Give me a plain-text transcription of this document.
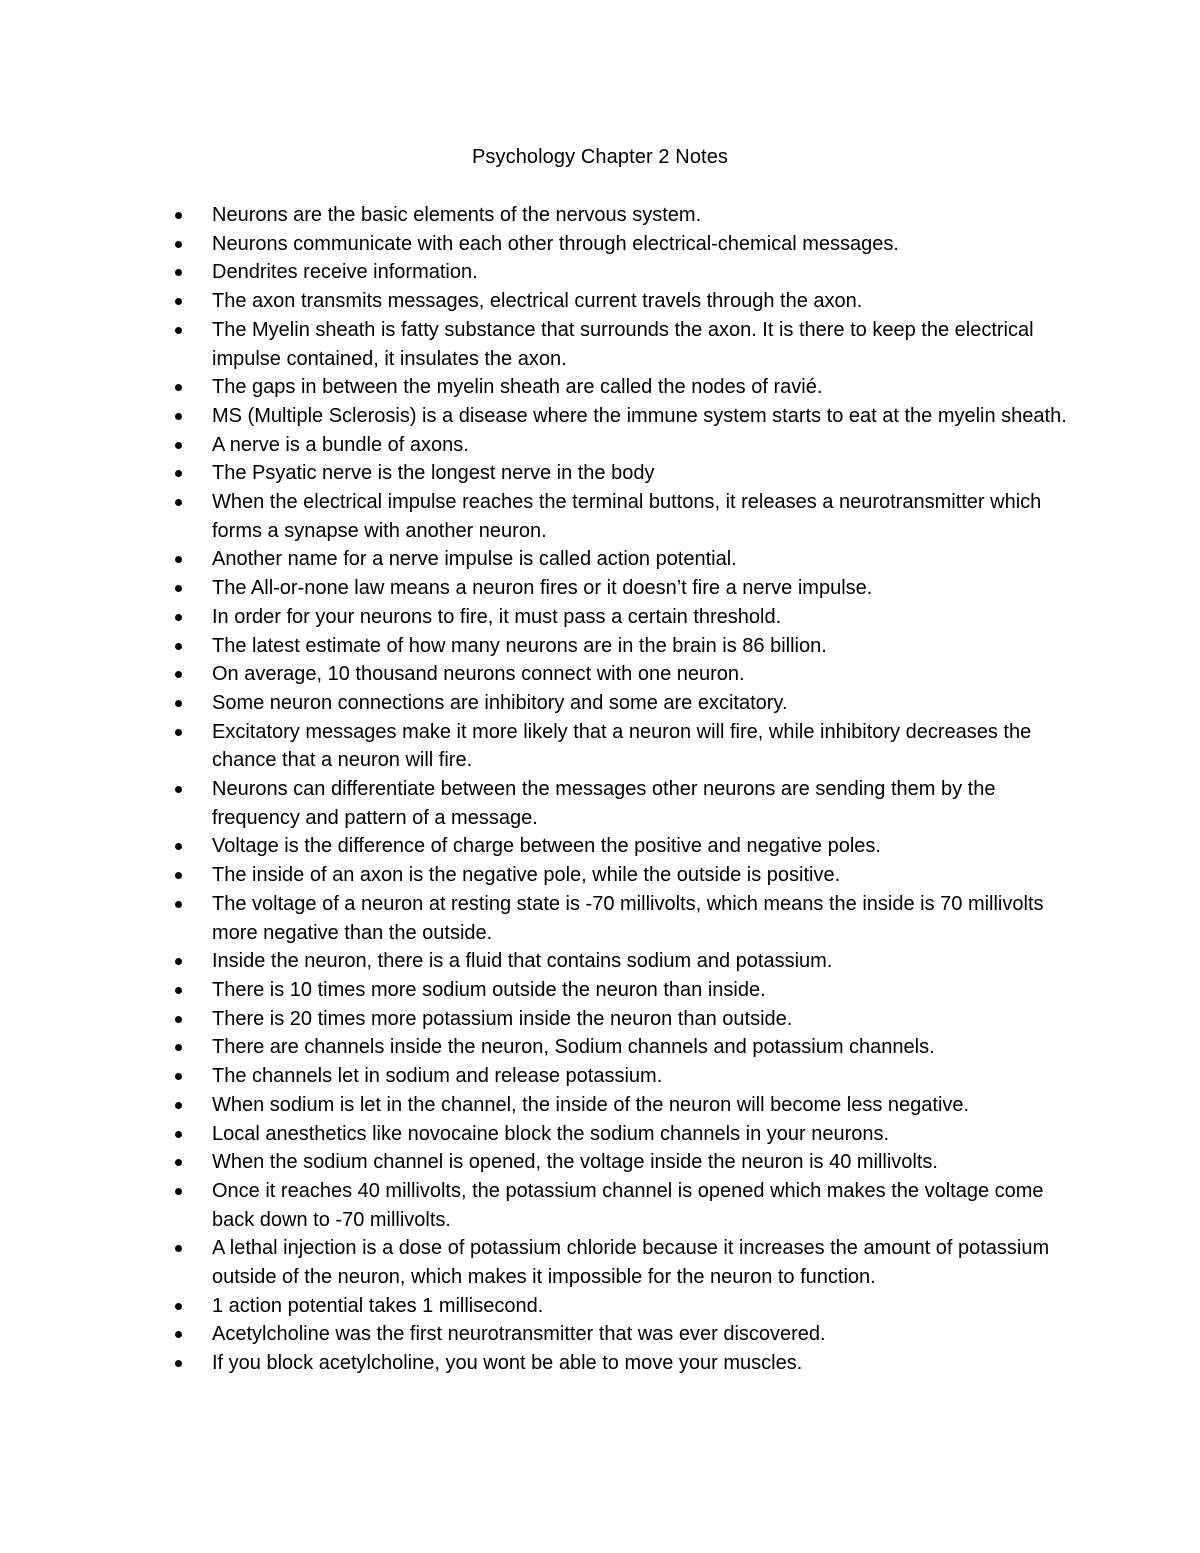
Psychology Chapter 2 Notes
Neurons are the basic elements of the nervous system.
Neurons communicate with each other through electrical-chemical messages.
Dendrites receive information.
The axon transmits messages, electrical current travels through the axon.
The Myelin sheath is fatty substance that surrounds the axon. It is there to keep the electrical impulse contained, it insulates the axon.
The gaps in between the myelin sheath are called the nodes of ravié.
MS (Multiple Sclerosis) is a disease where the immune system starts to eat at the myelin sheath.
A nerve is a bundle of axons.
The Psyatic nerve is the longest nerve in the body
When the electrical impulse reaches the terminal buttons, it releases a neurotransmitter which forms a synapse with another neuron.
Another name for a nerve impulse is called action potential.
The All-or-none law means a neuron fires or it doesn’t fire a nerve impulse.
In order for your neurons to fire, it must pass a certain threshold.
The latest estimate of how many neurons are in the brain is 86 billion.
On average, 10 thousand neurons connect with one neuron.
Some neuron connections are inhibitory and some are excitatory.
Excitatory messages make it more likely that a neuron will fire, while inhibitory decreases the chance that a neuron will fire.
Neurons can differentiate between the messages other neurons are sending them by the frequency and pattern of a message.
Voltage is the difference of charge between the positive and negative poles.
The inside of an axon is the negative pole, while the outside is positive.
The voltage of a neuron at resting state is -70 millivolts, which means the inside is 70 millivolts more negative than the outside.
Inside the neuron, there is a fluid that contains sodium and potassium.
There is 10 times more sodium outside the neuron than inside.
There is 20 times more potassium inside the neuron than outside.
There are channels inside the neuron, Sodium channels and potassium channels.
The channels let in sodium and release potassium.
When sodium is let in the channel, the inside of the neuron will become less negative.
Local anesthetics like novocaine block the sodium channels in your neurons.
When the sodium channel is opened, the voltage inside the neuron is 40 millivolts.
Once it reaches 40 millivolts, the potassium channel is opened which makes the voltage come back down to -70 millivolts.
A lethal injection is a dose of potassium chloride because it increases the amount of potassium outside of the neuron, which makes it impossible for the neuron to function.
1 action potential takes 1 millisecond.
Acetylcholine was the first neurotransmitter that was ever discovered.
If you block acetylcholine, you wont be able to move your muscles.
